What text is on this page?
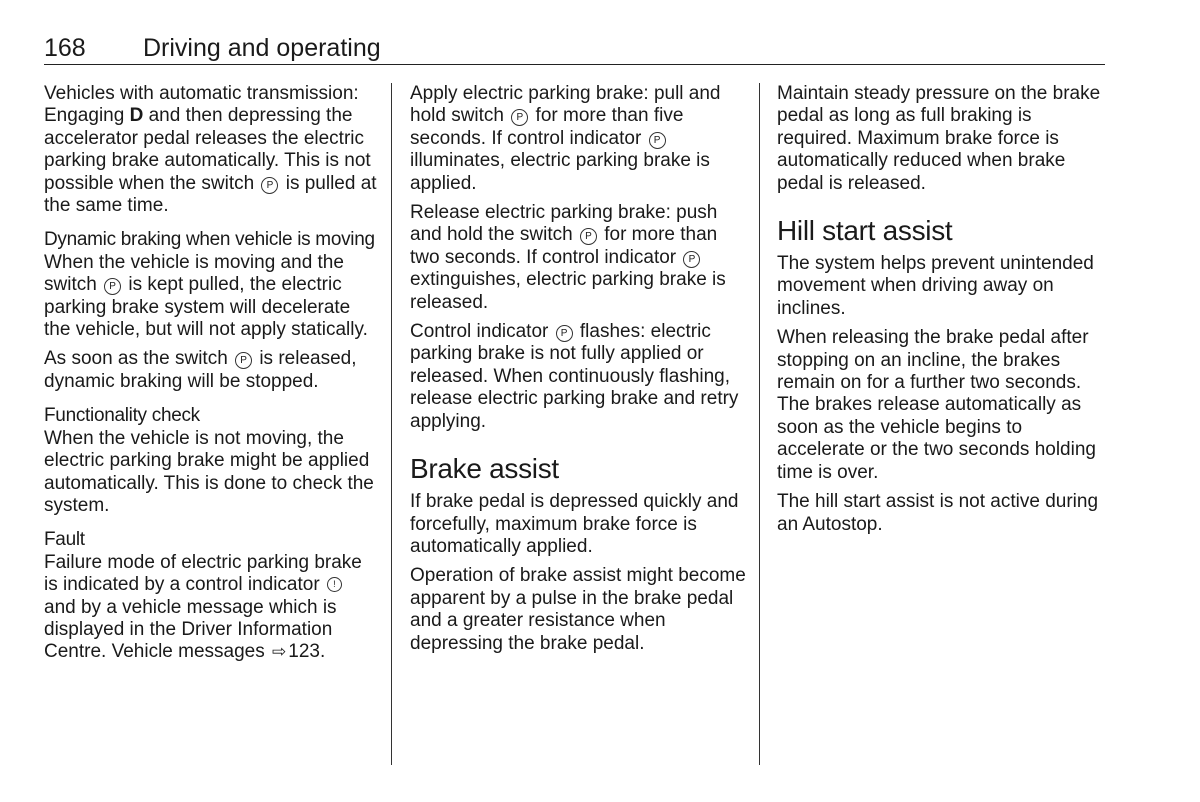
168 Driving and operating

Vehicles with automatic transmission: Engaging D and then depressing the accelerator pedal releases the electric parking brake automatically. This is not possible when the switch P is pulled at the same time.

Dynamic braking when vehicle is moving

When the vehicle is moving and the switch P is kept pulled, the electric parking brake system will decelerate the vehicle, but will not apply statically.

As soon as the switch P is released, dynamic braking will be stopped.

Functionality check

When the vehicle is not moving, the electric parking brake might be applied automatically. This is done to check the system.

Fault

Failure mode of electric parking brake is indicated by a control indicator ! and by a vehicle message which is displayed in the Driver Information Centre. Vehicle messages ⇨ 123.

Apply electric parking brake: pull and hold switch P for more than five seconds. If control indicator P illuminates, electric parking brake is applied.

Release electric parking brake: push and hold the switch P for more than two seconds. If control indicator P extinguishes, electric parking brake is released.

Control indicator P flashes: electric parking brake is not fully applied or released. When continuously flashing, release electric parking brake and retry applying.

Brake assist

If brake pedal is depressed quickly and forcefully, maximum brake force is automatically applied.

Operation of brake assist might become apparent by a pulse in the brake pedal and a greater resistance when depressing the brake pedal.

Maintain steady pressure on the brake pedal as long as full braking is required. Maximum brake force is automatically reduced when brake pedal is released.

Hill start assist

The system helps prevent unintended movement when driving away on inclines.

When releasing the brake pedal after stopping on an incline, the brakes remain on for a further two seconds. The brakes release automatically as soon as the vehicle begins to accelerate or the two seconds holding time is over.

The hill start assist is not active during an Autostop.
